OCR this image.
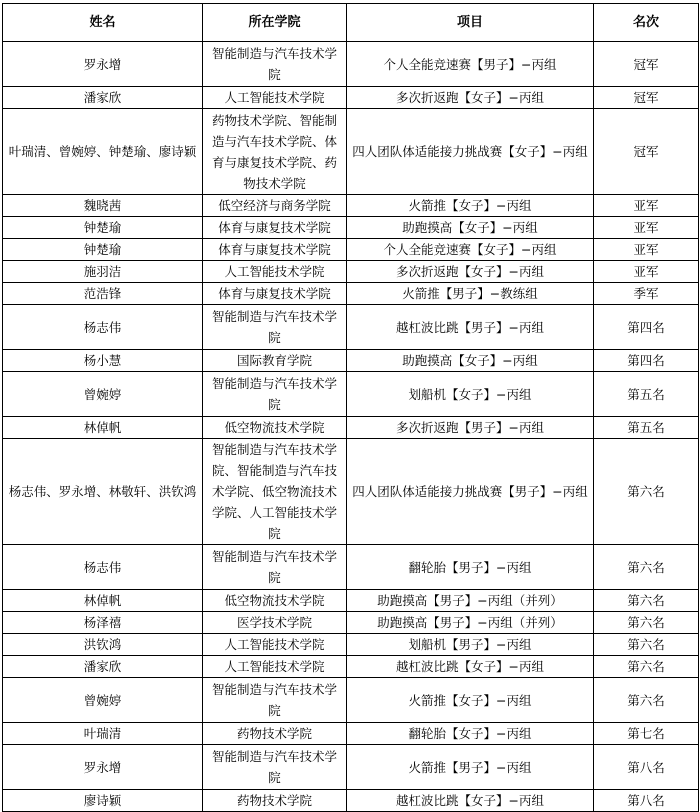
姓名	所在学院	项目	名次
罗永增	智能制造与汽车技术学院	个人全能竞速赛【男子】−丙组	冠军
潘家欣	人工智能技术学院	多次折返跑【女子】−丙组	冠军
叶瑞清、曾婉婷、钟楚瑜、廖诗颖	药物技术学院、智能制造与汽车技术学院、体育与康复技术学院、药物技术学院	四人团队体适能接力挑战赛【女子】−丙组	冠军
魏晓茜	低空经济与商务学院	火箭推【女子】−丙组	亚军
钟楚瑜	体育与康复技术学院	助跑摸高【女子】−丙组	亚军
钟楚瑜	体育与康复技术学院	个人全能竞速赛【女子】−丙组	亚军
施羽洁	人工智能技术学院	多次折返跑【女子】−丙组	亚军
范浩锋	体育与康复技术学院	火箭推【男子】−教练组	季军
杨志伟	智能制造与汽车技术学院	越杠波比跳【男子】−丙组	第四名
杨小慧	国际教育学院	助跑摸高【女子】−丙组	第四名
曾婉婷	智能制造与汽车技术学院	划船机【女子】−丙组	第五名
林倬帆	低空物流技术学院	多次折返跑【男子】−丙组	第五名
杨志伟、罗永增、林敬轩、洪钦鸿	智能制造与汽车技术学院、智能制造与汽车技术学院、低空物流技术学院、人工智能技术学院	四人团队体适能接力挑战赛【男子】−丙组	第六名
杨志伟	智能制造与汽车技术学院	翻轮胎【男子】−丙组	第六名
林倬帆	低空物流技术学院	助跑摸高【男子】−丙组（并列）	第六名
杨泽禧	医学技术学院	助跑摸高【男子】−丙组（并列）	第六名
洪钦鸿	人工智能技术学院	划船机【男子】−丙组	第六名
潘家欣	人工智能技术学院	越杠波比跳【女子】−丙组	第六名
曾婉婷	智能制造与汽车技术学院	火箭推【女子】−丙组	第六名
叶瑞清	药物技术学院	翻轮胎【女子】−丙组	第七名
罗永增	智能制造与汽车技术学院	火箭推【男子】−丙组	第八名
廖诗颖	药物技术学院	越杠波比跳【女子】−丙组	第八名
